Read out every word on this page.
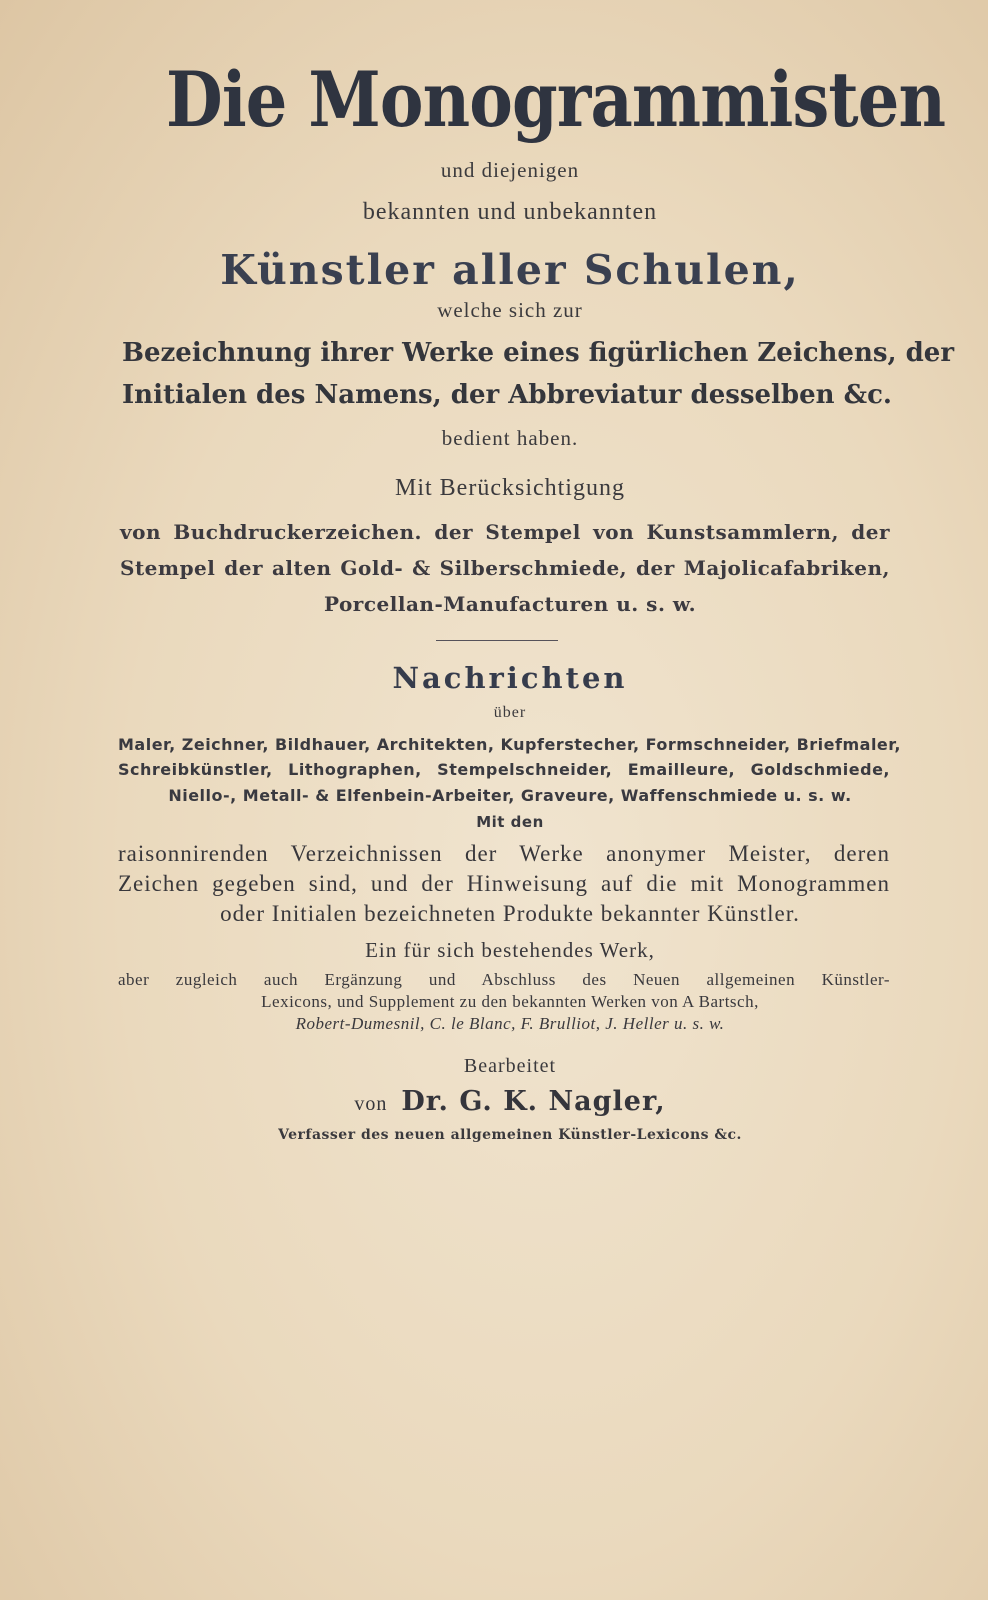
Die Monogrammisten

und diejenigen

bekannten und unbekannten

Künstler aller Schulen,

welche sich zur

Bezeichnung ihrer Werke eines figürlichen Zeichens, der

Initialen des Namens, der Abbreviatur desselben &c.

bedient haben.

Mit Berücksichtigung

von Buchdruckerzeichen. der Stempel von Kunstsammlern, der

Stempel der alten Gold- & Silberschmiede, der Majolicafabriken,

Porcellan-Manufacturen u. s. w.

Nachrichten

über

Maler, Zeichner, Bildhauer, Architekten, Kupferstecher, Formschneider, Briefmaler,

Schreibkünstler, Lithographen, Stempelschneider, Emailleure, Goldschmiede,

Niello-, Metall- & Elfenbein-Arbeiter, Graveure, Waffenschmiede u. s. w.

Mit den

raisonnirenden Verzeichnissen der Werke anonymer Meister, deren

Zeichen gegeben sind, und der Hinweisung auf die mit Monogrammen

oder Initialen bezeichneten Produkte bekannter Künstler.

Ein für sich bestehendes Werk,

aber zugleich auch Ergänzung und Abschluss des Neuen allgemeinen Künstler-

Lexicons, und Supplement zu den bekannten Werken von A Bartsch,

Robert-Dumesnil, C. le Blanc, F. Brulliot, J. Heller u. s. w.

Bearbeitet

von Dr. G. K. Nagler,

Verfasser des neuen allgemeinen Künstler-Lexicons &c.
